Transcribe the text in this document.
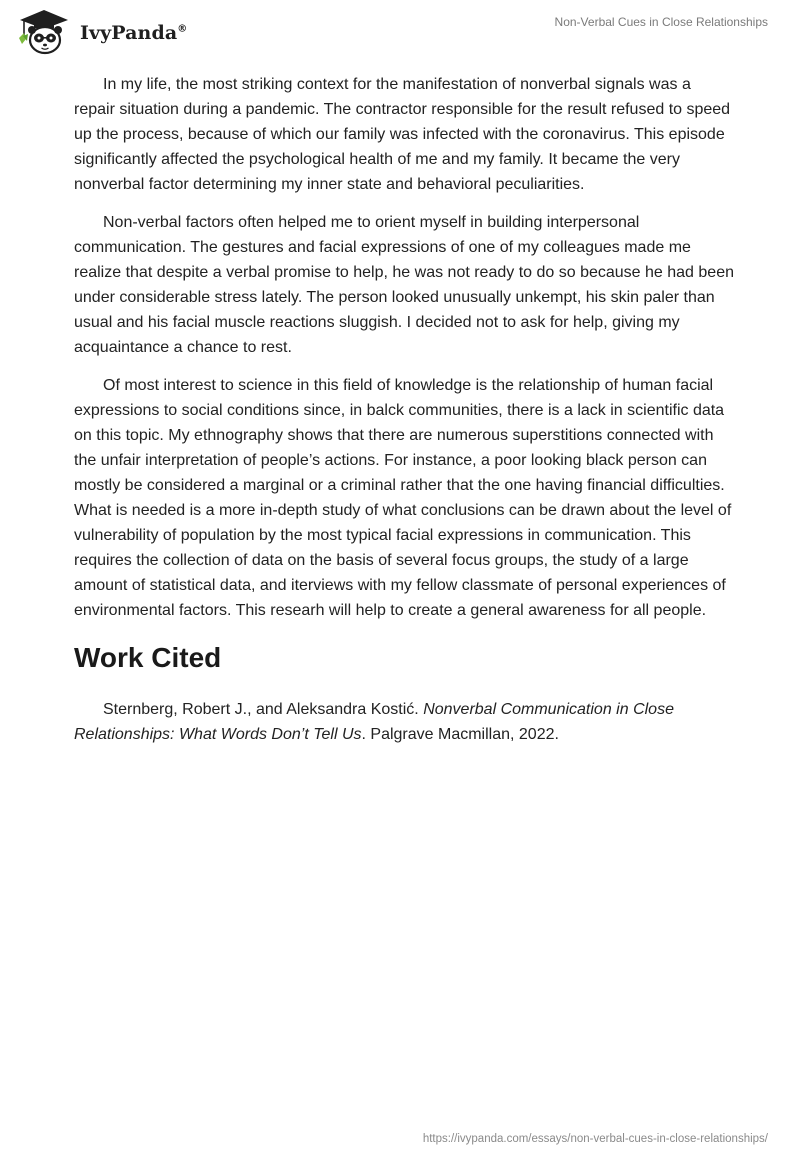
IvyPanda®
Non-Verbal Cues in Close Relationships

In my life, the most striking context for the manifestation of nonverbal signals was a repair situation during a pandemic. The contractor responsible for the result refused to speed up the process, because of which our family was infected with the coronavirus. This episode significantly affected the psychological health of me and my family. It became the very nonverbal factor determining my inner state and behavioral peculiarities.

Non-verbal factors often helped me to orient myself in building interpersonal communication. The gestures and facial expressions of one of my colleagues made me realize that despite a verbal promise to help, he was not ready to do so because he had been under considerable stress lately. The person looked unusually unkempt, his skin paler than usual and his facial muscle reactions sluggish. I decided not to ask for help, giving my acquaintance a chance to rest.

Of most interest to science in this field of knowledge is the relationship of human facial expressions to social conditions since, in balck communities, there is a lack in scientific data on this topic. My ethnography shows that there are numerous superstitions connected with the unfair interpretation of people’s actions. For instance, a poor looking black person can mostly be considered a marginal or a criminal rather that the one having financial difficulties. What is needed is a more in-depth study of what conclusions can be drawn about the level of vulnerability of population by the most typical facial expressions in communication. This requires the collection of data on the basis of several focus groups, the study of a large amount of statistical data, and iterviews with my fellow classmate of personal experiences of environmental factors. This researh will help to create a general awareness for all people.

Work Cited

Sternberg, Robert J., and Aleksandra Kostić. Nonverbal Communication in Close Relationships: What Words Don’t Tell Us. Palgrave Macmillan, 2022.

https://ivypanda.com/essays/non-verbal-cues-in-close-relationships/
